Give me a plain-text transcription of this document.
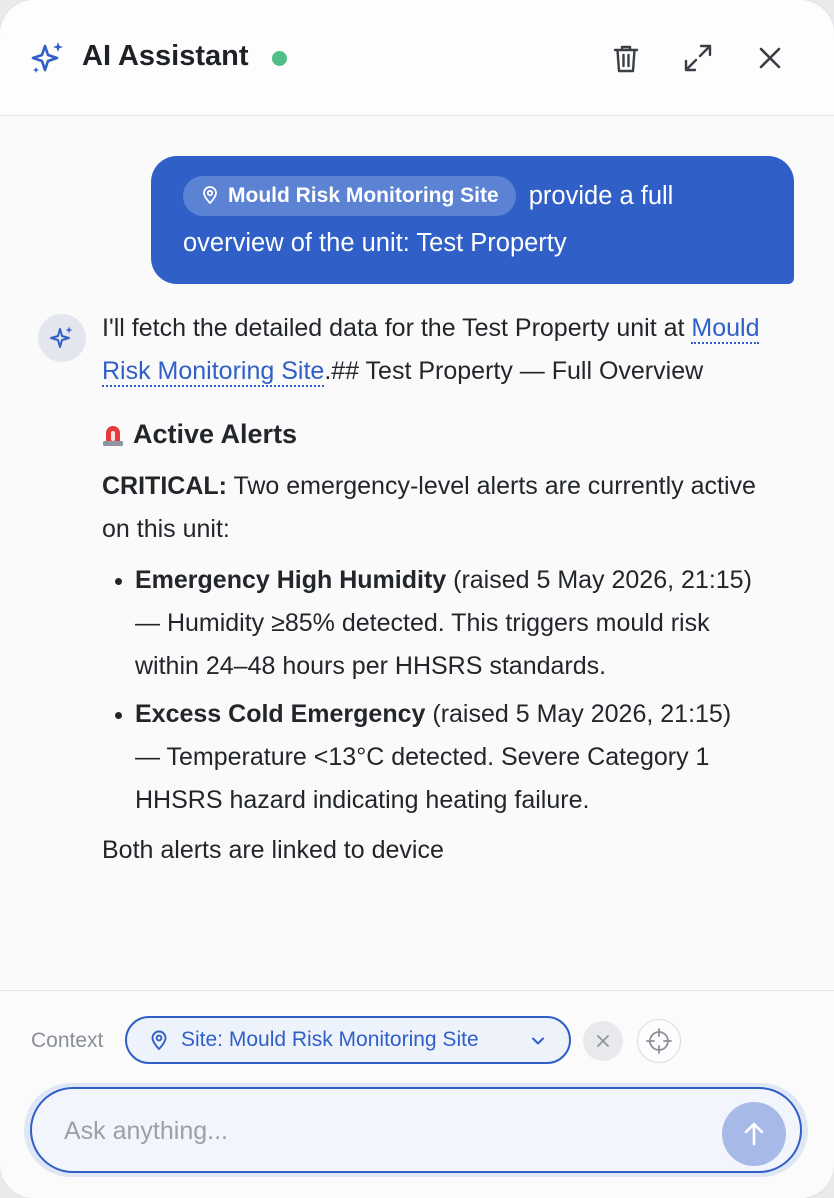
AI Assistant
Mould Risk Monitoring Site provide a full overview of the unit: Test Property

I'll fetch the detailed data for the Test Property unit at Mould Risk Monitoring Site.## Test Property — Full Overview

Active Alerts

CRITICAL: Two emergency‑level alerts are currently active on this unit:

• Emergency High Humidity (raised 5 May 2026, 21:15) — Humidity ≥85% detected. This triggers mould risk within 24–48 hours per HHSRS standards.
• Excess Cold Emergency (raised 5 May 2026, 21:15) — Temperature <13°C detected. Severe Category 1 HHSRS hazard indicating heating failure.

Both alerts are linked to device

Context	Site: Mould Risk Monitoring Site
Ask anything...
